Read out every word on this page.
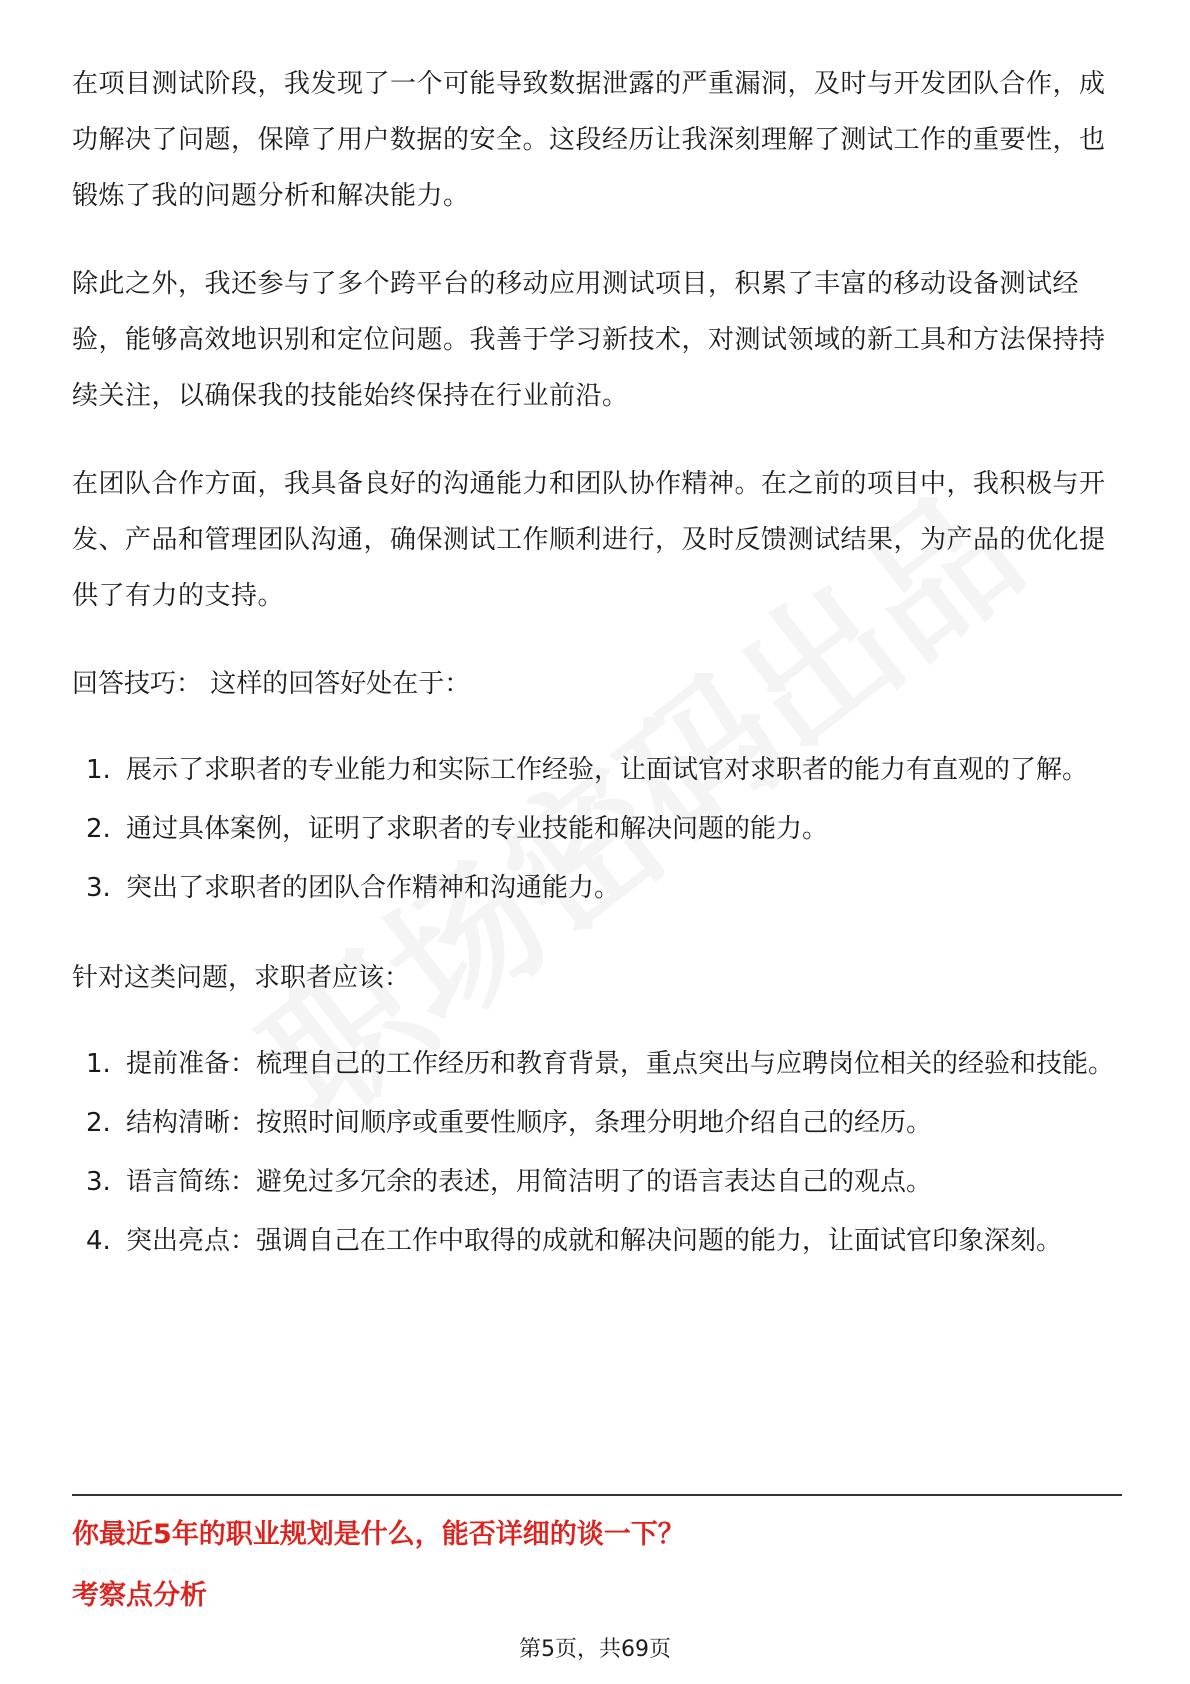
在项目测试阶段，我发现了一个可能导致数据泄露的严重漏洞，及时与开发团队合作，成功解决了问题，保障了用户数据的安全。这段经历让我深刻理解了测试工作的重要性，也锻炼了我的问题分析和解决能力。

除此之外，我还参与了多个跨平台的移动应用测试项目，积累了丰富的移动设备测试经验，能够高效地识别和定位问题。我善于学习新技术，对测试领域的新工具和方法保持持续关注，以确保我的技能始终保持在行业前沿。

在团队合作方面，我具备良好的沟通能力和团队协作精神。在之前的项目中，我积极与开发、产品和管理团队沟通，确保测试工作顺利进行，及时反馈测试结果，为产品的优化提供了有力的支持。

回答技巧： 这样的回答好处在于：

1. 展示了求职者的专业能力和实际工作经验，让面试官对求职者的能力有直观的了解。
2. 通过具体案例，证明了求职者的专业技能和解决问题的能力。
3. 突出了求职者的团队合作精神和沟通能力。

针对这类问题，求职者应该：

1. 提前准备：梳理自己的工作经历和教育背景，重点突出与应聘岗位相关的经验和技能。
2. 结构清晰：按照时间顺序或重要性顺序，条理分明地介绍自己的经历。
3. 语言简练：避免过多冗余的表述，用简洁明了的语言表达自己的观点。
4. 突出亮点：强调自己在工作中取得的成就和解决问题的能力，让面试官印象深刻。
你最近5年的职业规划是什么，能否详细的谈一下？
考察点分析
第5页，共69页
